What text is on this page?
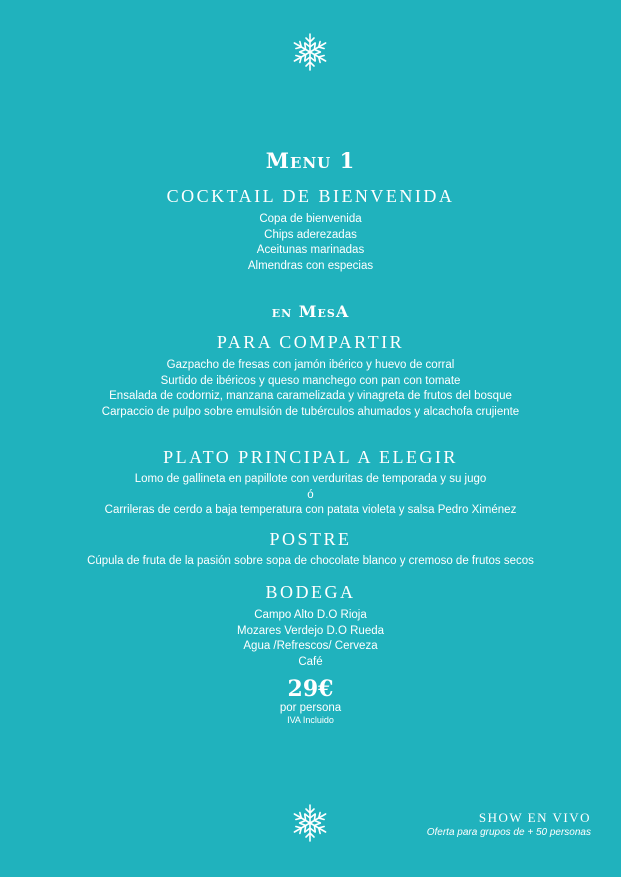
Menu 1
COCKTAIL DE BIENVENIDA
Copa de bienvenida
Chips aderezadas
Aceitunas marinadas
Almendras con especias
en MesA
PARA COMPARTIR
Gazpacho de fresas con jamón ibérico y huevo de corral
Surtido de ibéricos y queso manchego con pan con tomate
Ensalada de codorniz, manzana caramelizada y vinagreta de frutos del bosque
Carpaccio de pulpo sobre emulsión de tubérculos ahumados y alcachofa crujiente
PLATO PRINCIPAL A ELEGIR
Lomo de gallineta en papillote con verduritas de temporada y su jugo
ó
Carrileras de cerdo a baja temperatura con patata violeta y salsa Pedro Ximénez
POSTRE
Cúpula de fruta de la pasión sobre sopa de chocolate blanco y cremoso de frutos secos
BODEGA
Campo Alto D.O Rioja
Mozares Verdejo D.O Rueda
Agua /Refrescos/ Cerveza
Café
29€
por persona
IVA Incluido
SHOW EN VIVO
Oferta para grupos de + 50 personas
